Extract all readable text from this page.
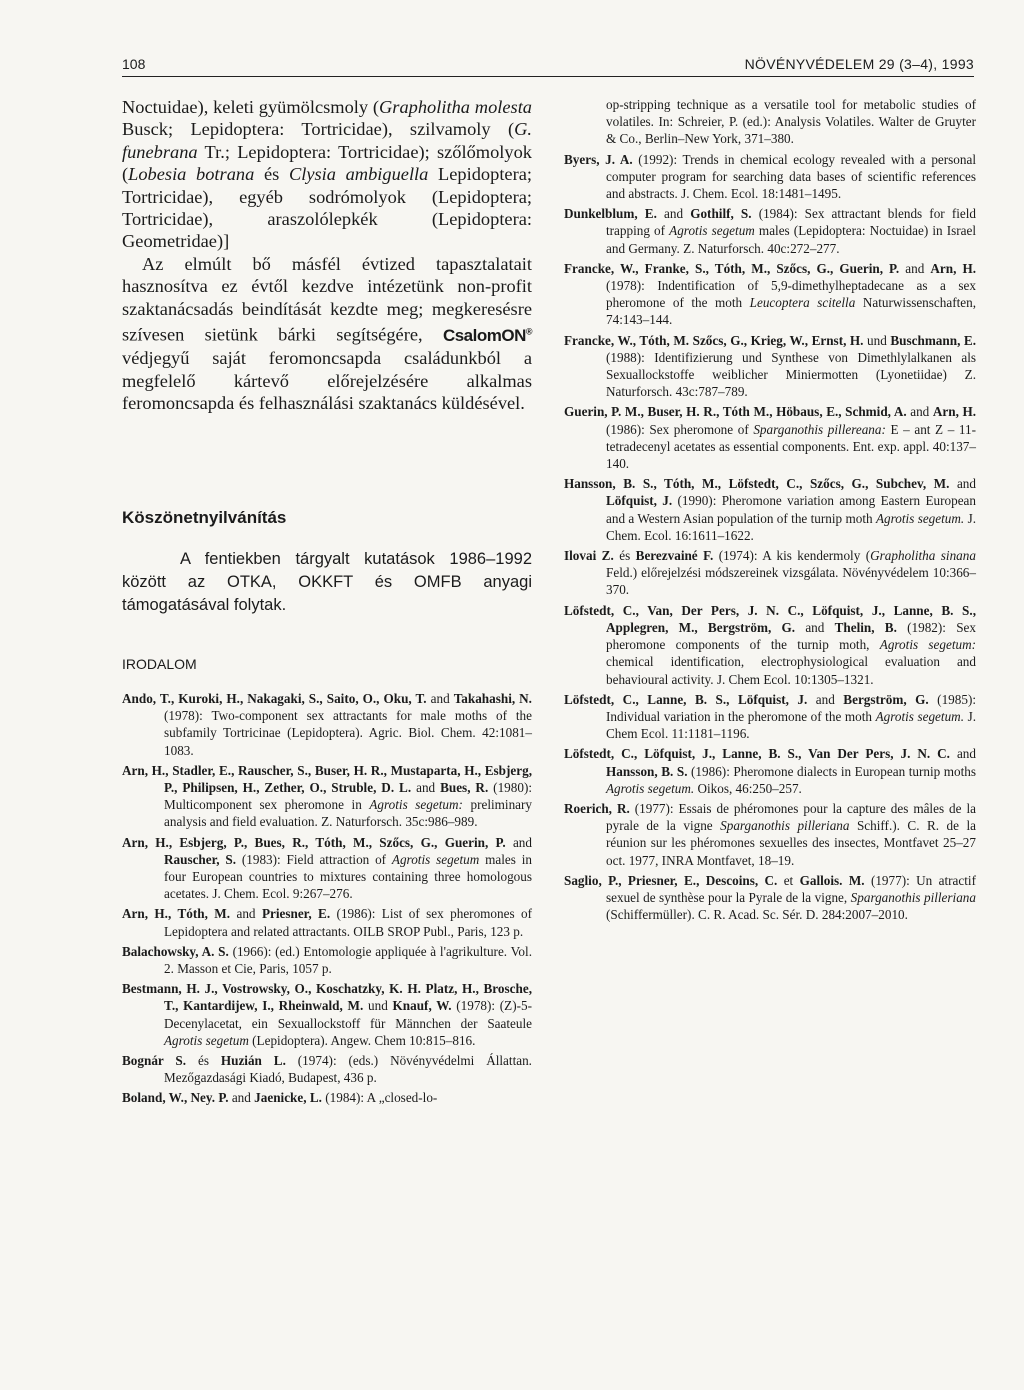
108	NÖVÉNYVÉDELEM 29 (3–4), 1993

Noctuidae), keleti gyümölcsmoly (Grapholitha molesta Busck; Lepidoptera: Tortricidae), szilvamoly (G. funebrana Tr.; Lepidoptera: Tortricidae); szőlőmolyok (Lobesia botrana és Clysia ambiguella Lepidoptera; Tortricidae), egyéb sodrómolyok (Lepidoptera; Tortricidae), araszolólepkék (Lepidoptera: Geometridae)]

Az elmúlt bő másfél évtized tapasztalatait hasznosítva ez évtől kezdve intézetünk non-profit szaktanácsadás beindítását kezdte meg; megkeresésre szívesen sietünk bárki segítségére, CsalomON® védjegyű saját feromoncsapda családunkból a megfelelő kártevő előrejelzésére alkalmas feromoncsapda és felhasználási szaktanács küldésével.

Köszönetnyilvánítás

A fentiekben tárgyalt kutatások 1986–1992 között az OTKA, OKKFT és OMFB anyagi támogatásával folytak.

IRODALOM

Ando, T., Kuroki, H., Nakagaki, S., Saito, O., Oku, T. and Takahashi, N. (1978): Two-component sex attractants for male moths of the subfamily Tortricinae (Lepidoptera). Agric. Biol. Chem. 42:1081–1083.

Arn, H., Stadler, E., Rauscher, S., Buser, H. R., Mustaparta, H., Esbjerg, P., Philipsen, H., Zether, O., Struble, D. L. and Bues, R. (1980): Multicomponent sex pheromone in Agrotis segetum: preliminary analysis and field evaluation. Z. Naturforsch. 35c:986–989.

Arn, H., Esbjerg, P., Bues, R., Tóth, M., Szőcs, G., Guerin, P. and Rauscher, S. (1983): Field attraction of Agrotis segetum males in four European countries to mixtures containing three homologous acetates. J. Chem. Ecol. 9:267–276.

Arn, H., Tóth, M. and Priesner, E. (1986): List of sex pheromones of Lepidoptera and related attractants. OILB SROP Publ., Paris, 123 p.

Balachowsky, A. S. (1966): (ed.) Entomologie appliquée à l'agrikulture. Vol. 2. Masson et Cie, Paris, 1057 p.

Bestmann, H. J., Vostrowsky, O., Koschatzky, K. H. Platz, H., Brosche, T., Kantardijew, I., Rheinwald, M. und Knauf, W. (1978): (Z)-5-Decenylacetat, ein Sexuallockstoff für Männchen der Saateule Agrotis segetum (Lepidoptera). Angew. Chem 10:815–816.

Bognár S. és Huzián L. (1974): (eds.) Növényvédelmi Állattan. Mezőgazdasági Kiadó, Budapest, 436 p.

Boland, W., Ney. P. and Jaenicke, L. (1984): A „closed-lo-

op-stripping technique as a versatile tool for metabolic studies of volatiles. In: Schreier, P. (ed.): Analysis Volatiles. Walter de Gruyter & Co., Berlin–New York, 371–380.

Byers, J. A. (1992): Trends in chemical ecology revealed with a personal computer program for searching data bases of scientific references and abstracts. J. Chem. Ecol. 18:1481–1495.

Dunkelblum, E. and Gothilf, S. (1984): Sex attractant blends for field trapping of Agrotis segetum males (Lepidoptera: Noctuidae) in Israel and Germany. Z. Naturforsch. 40c:272–277.

Francke, W., Franke, S., Tóth, M., Szőcs, G., Guerin, P. and Arn, H. (1978): Indentification of 5,9-dimethylheptadecane as a sex pheromone of the moth Leucoptera scitella Naturwissenschaften, 74:143–144.

Francke, W., Tóth, M. Szőcs, G., Krieg, W., Ernst, H. und Buschmann, E. (1988): Identifizierung und Synthese von Dimethlylalkanen als Sexuallockstoffe weiblicher Miniermotten (Lyonetiidae) Z. Naturforsch. 43c:787–789.

Guerin, P. M., Buser, H. R., Tóth M., Höbaus, E., Schmid, A. and Arn, H. (1986): Sex pheromone of Sparganothis pillereana: E – ant Z – 11-tetradecenyl acetates as essential components. Ent. exp. appl. 40:137–140.

Hansson, B. S., Tóth, M., Löfstedt, C., Szőcs, G., Subchev, M. and Löfquist, J. (1990): Pheromone variation among Eastern European and a Western Asian population of the turnip moth Agrotis segetum. J. Chem. Ecol. 16:1611–1622.

Ilovai Z. és Berezvainé F. (1974): A kis kendermoly (Grapholitha sinana Feld.) előrejelzési módszereinek vizsgálata. Növényvédelem 10:366–370.

Löfstedt, C., Van, Der Pers, J. N. C., Löfquist, J., Lanne, B. S., Applegren, M., Bergström, G. and Thelin, B. (1982): Sex pheromone components of the turnip moth, Agrotis segetum: chemical identification, electrophysiological evaluation and behavioural activity. J. Chem Ecol. 10:1305–1321.

Löfstedt, C., Lanne, B. S., Löfquist, J. and Bergström, G. (1985): Individual variation in the pheromone of the moth Agrotis segetum. J. Chem Ecol. 11:1181–1196.

Löfstedt, C., Löfquist, J., Lanne, B. S., Van Der Pers, J. N. C. and Hansson, B. S. (1986): Pheromone dialects in European turnip moths Agrotis segetum. Oikos, 46:250–257.

Roerich, R. (1977): Essais de phéromones pour la capture des mâles de la pyrale de la vigne Sparganothis pilleriana Schiff.). C. R. de la réunion sur les phéromones sexuelles des insectes, Montfavet 25–27 oct. 1977, INRA Montfavet, 18–19.

Saglio, P., Priesner, E., Descoins, C. et Gallois. M. (1977): Un atractif sexuel de synthèse pour la Pyrale de la vigne, Sparganothis pilleriana (Schiffermüller). C. R. Acad. Sc. Sér. D. 284:2007–2010.
